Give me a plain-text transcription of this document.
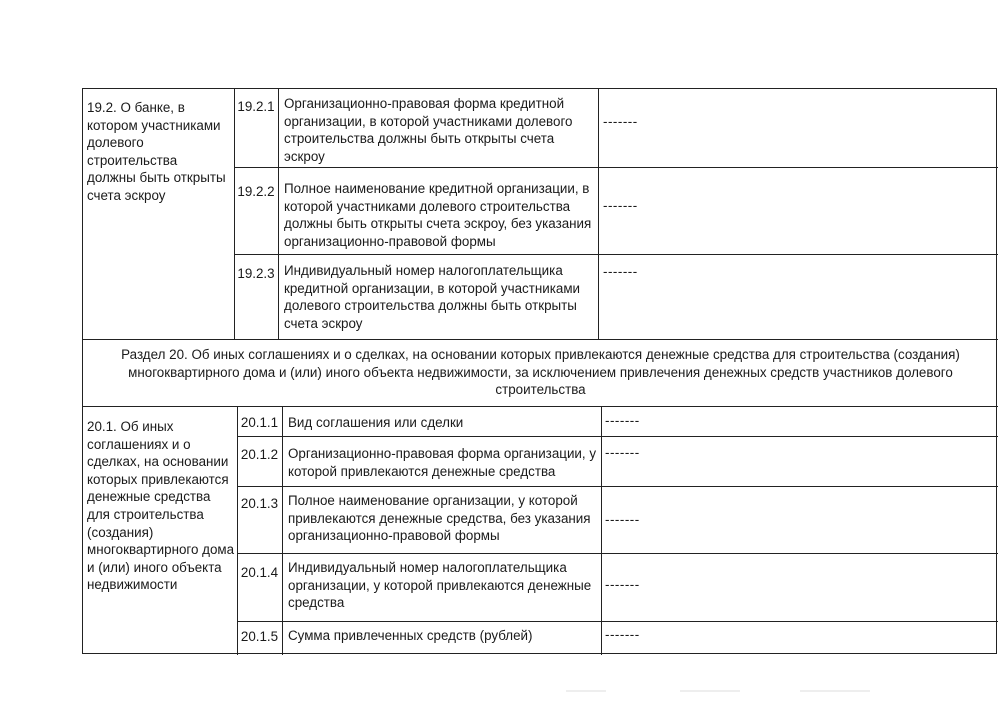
19.2. О банке, в котором участниками долевого строительства должны быть открыты счета эскроу
19.2.1 Организационно-правовая форма кредитной организации, в которой участниками долевого строительства должны быть открыты счета эскроу
-------
19.2.2 Полное наименование кредитной организации, в которой участниками долевого строительства должны быть открыты счета эскроу, без указания организационно-правовой формы
-------
19.2.3 Индивидуальный номер налогоплательщика кредитной организации, в которой участниками долевого строительства должны быть открыты счета эскроу
-------
Раздел 20. Об иных соглашениях и о сделках, на основании которых привлекаются денежные средства для строительства (создания) многоквартирного дома и (или) иного объекта недвижимости, за исключением привлечения денежных средств участников долевого строительства
20.1. Об иных соглашениях и о сделках, на основании которых привлекаются денежные средства для строительства (создания) многоквартирного дома и (или) иного объекта недвижимости
20.1.1 Вид соглашения или сделки	-------
20.1.2 Организационно-правовая форма организации, у которой привлекаются денежные средства
-------
20.1.3 Полное наименование организации, у которой привлекаются денежные средства, без указания организационно-правовой формы
-------
20.1.4 Индивидуальный номер налогоплательщика организации, у которой привлекаются денежные средства
-------
20.1.5 Сумма привлеченных средств (рублей)	-------
